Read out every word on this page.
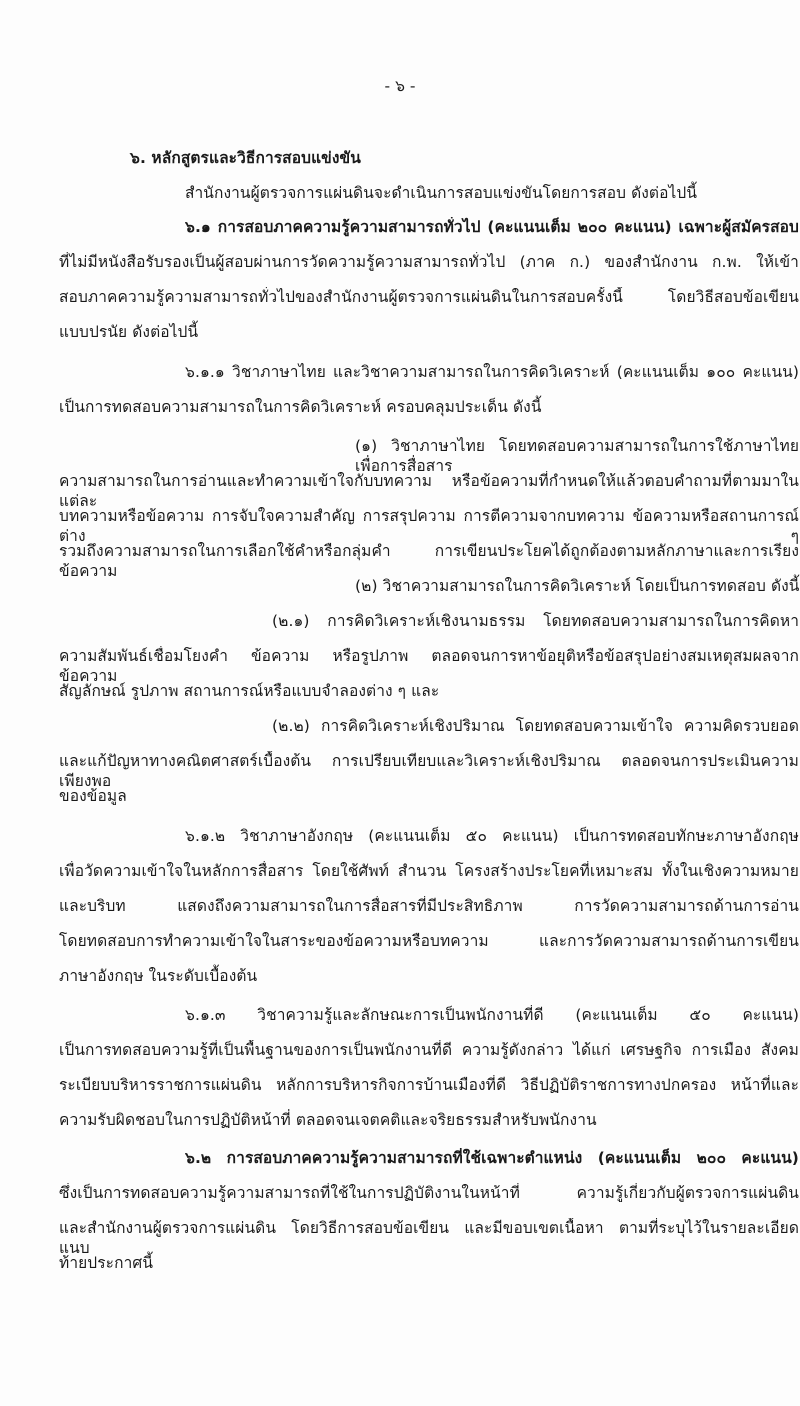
- ๖ -
๖. หลักสูตรและวิธีการสอบแข่งขัน
สำนักงานผู้ตรวจการแผ่นดินจะดำเนินการสอบแข่งขันโดยการสอบ ดังต่อไปนี้
๖.๑ การสอบภาคความรู้ความสามารถทั่วไป (คะแนนเต็ม ๒๐๐ คะแนน) เฉพาะผู้สมัครสอบ
ที่ไม่มีหนังสือรับรองเป็นผู้สอบผ่านการวัดความรู้ความสามารถทั่วไป (ภาค ก.) ของสำนักงาน ก.พ. ให้เข้า
สอบภาคความรู้ความสามารถทั่วไปของสำนักงานผู้ตรวจการแผ่นดินในการสอบครั้งนี้ โดยวิธีสอบข้อเขียน
แบบปรนัย ดังต่อไปนี้
๖.๑.๑ วิชาภาษาไทย และวิชาความสามารถในการคิดวิเคราะห์ (คะแนนเต็ม ๑๐๐ คะแนน)
เป็นการทดสอบความสามารถในการคิดวิเคราะห์ ครอบคลุมประเด็น ดังนี้
(๑) วิชาภาษาไทย โดยทดสอบความสามารถในการใช้ภาษาไทยเพื่อการสื่อสาร
ความสามารถในการอ่านและทำความเข้าใจกับบทความ หรือข้อความที่กำหนดให้แล้วตอบคำถามที่ตามมาในแต่ละ
บทความหรือข้อความ การจับใจความสำคัญ การสรุปความ การตีความจากบทความ ข้อความหรือสถานการณ์ต่าง ๆ
รวมถึงความสามารถในการเลือกใช้คำหรือกลุ่มคำ การเขียนประโยคได้ถูกต้องตามหลักภาษาและการเรียงข้อความ
(๒) วิชาความสามารถในการคิดวิเคราะห์ โดยเป็นการทดสอบ ดังนี้
(๒.๑) การคิดวิเคราะห์เชิงนามธรรม โดยทดสอบความสามารถในการคิดหา
ความสัมพันธ์เชื่อมโยงคำ ข้อความ หรือรูปภาพ ตลอดจนการหาข้อยุติหรือข้อสรุปอย่างสมเหตุสมผลจากข้อความ
สัญลักษณ์ รูปภาพ สถานการณ์หรือแบบจำลองต่าง ๆ และ
(๒.๒) การคิดวิเคราะห์เชิงปริมาณ โดยทดสอบความเข้าใจ ความคิดรวบยอด
และแก้ปัญหาทางคณิตศาสตร์เบื้องต้น การเปรียบเทียบและวิเคราะห์เชิงปริมาณ ตลอดจนการประเมินความเพียงพอ
ของข้อมูล
๖.๑.๒ วิชาภาษาอังกฤษ (คะแนนเต็ม ๕๐ คะแนน) เป็นการทดสอบทักษะภาษาอังกฤษ
เพื่อวัดความเข้าใจในหลักการสื่อสาร โดยใช้ศัพท์ สำนวน โครงสร้างประโยคที่เหมาะสม ทั้งในเชิงความหมาย
และบริบท แสดงถึงความสามารถในการสื่อสารที่มีประสิทธิภาพ การวัดความสามารถด้านการอ่าน
โดยทดสอบการทำความเข้าใจในสาระของข้อความหรือบทความ และการวัดความสามารถด้านการเขียน
ภาษาอังกฤษ ในระดับเบื้องต้น
๖.๑.๓ วิชาความรู้และลักษณะการเป็นพนักงานที่ดี (คะแนนเต็ม ๕๐ คะแนน)
เป็นการทดสอบความรู้ที่เป็นพื้นฐานของการเป็นพนักงานที่ดี ความรู้ดังกล่าว ได้แก่ เศรษฐกิจ การเมือง สังคม
ระเบียบบริหารราชการแผ่นดิน หลักการบริหารกิจการบ้านเมืองที่ดี วิธีปฏิบัติราชการทางปกครอง หน้าที่และ
ความรับผิดชอบในการปฏิบัติหน้าที่ ตลอดจนเจตคติและจริยธรรมสำหรับพนักงาน
๖.๒ การสอบภาคความรู้ความสามารถที่ใช้เฉพาะตำแหน่ง (คะแนนเต็ม ๒๐๐ คะแนน)
ซึ่งเป็นการทดสอบความรู้ความสามารถที่ใช้ในการปฏิบัติงานในหน้าที่ ความรู้เกี่ยวกับผู้ตรวจการแผ่นดิน
และสำนักงานผู้ตรวจการแผ่นดิน โดยวิธีการสอบข้อเขียน และมีขอบเขตเนื้อหา ตามที่ระบุไว้ในรายละเอียดแนบ
ท้ายประกาศนี้
